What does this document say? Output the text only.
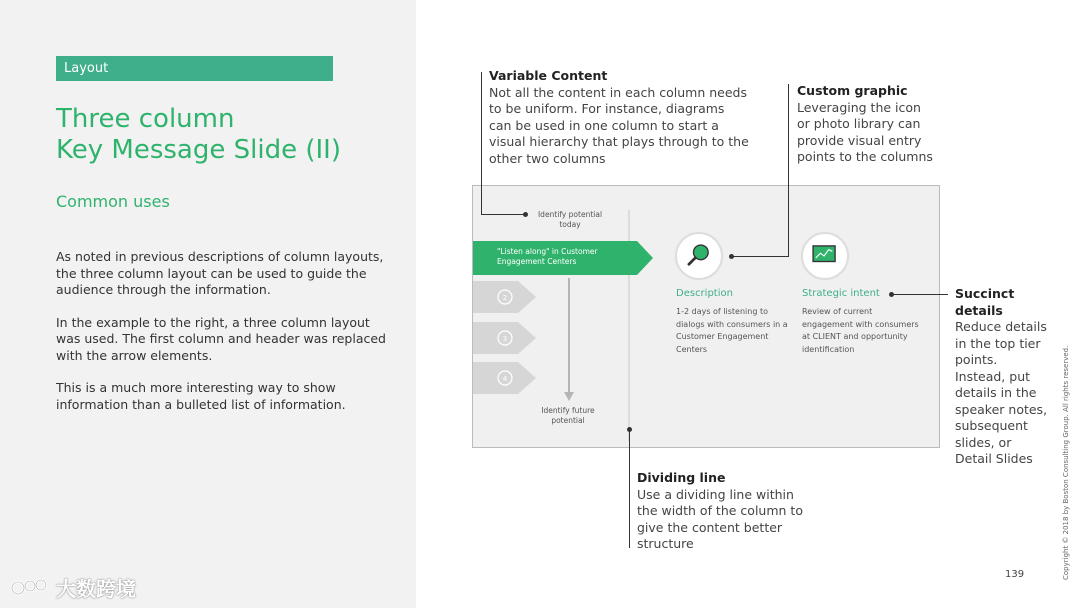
Layout
Three column
Key Message Slide (II)
Common uses

As noted in previous descriptions of column layouts, the three column layout can be used to guide the audience through the information.

In the example to the right, a three column layout was used. The first column and header was replaced with the arrow elements.

This is a much more interesting way to show information than a bulleted list of information.

大数跨境
Variable Content
Not all the content in each column needs to be uniform. For instance, diagrams can be used in one column to start a visual hierarchy that plays through to the other two columns
Custom graphic
Leveraging the icon or photo library can provide visual entry points to the columns
Succinct details
Reduce details in the top tier points. Instead, put details in the speaker notes, subsequent slides, or Detail Slides
Dividing line
Use a dividing line within the width of the column to give the content better structure
2
3
4
Identify potential today
"Listen along" in Customer Engagement Centers
Identify future potential
Description
1-2 days of listening to dialogs with consumers in a Customer Engagement Centers
Strategic intent
Review of current engagement with consumers at CLIENT and opportunity identification
139	Copyright © 2018 by Boston Consulting Group. All rights reserved.
